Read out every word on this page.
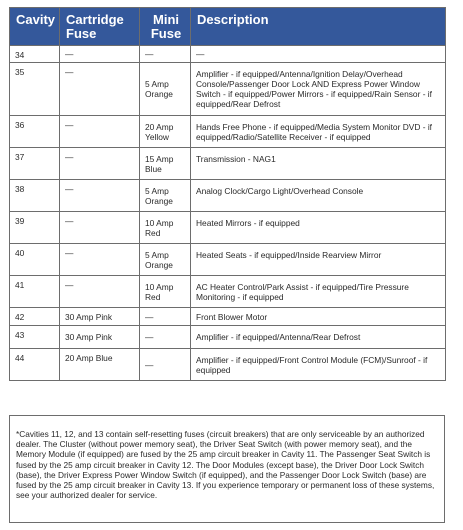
Cavity	Cartridge Fuse	Mini Fuse	Description
34	—	—	—
35	—	5 Amp Orange	Amplifier - if equipped/Antenna/Ignition Delay/Overhead Console/Passenger Door Lock AND Express Power Window Switch - if equipped/Power Mirrors - if equipped/Rain Sensor - if equipped/Rear Defrost
36	—	20 Amp Yellow	Hands Free Phone - if equipped/Media System Monitor DVD - if equipped/Radio/Satellite Receiver - if equipped
37	—	15 Amp Blue	Transmission - NAG1
38	—	5 Amp Orange	Analog Clock/Cargo Light/Overhead Console
39	—	10 Amp Red	Heated Mirrors - if equipped
40	—	5 Amp Orange	Heated Seats - if equipped/Inside Rearview Mirror
41	—	10 Amp Red	AC Heater Control/Park Assist - if equipped/Tire Pressure Monitoring - if equipped
42	30 Amp Pink	—	Front Blower Motor
43	30 Amp Pink	—	Amplifier - if equipped/Antenna/Rear Defrost
44	20 Amp Blue	—	Amplifier - if equipped/Front Control Module (FCM)/Sunroof - if equipped
*Cavities 11, 12, and 13 contain self-resetting fuses (circuit breakers) that are only serviceable by an authorized dealer. The Cluster (without power memory seat), the Driver Seat Switch (with power memory seat), and the Memory Module (if equipped) are fused by the 25 amp circuit breaker in Cavity 11. The Passenger Seat Switch is fused by the 25 amp circuit breaker in Cavity 12. The Door Modules (except base), the Driver Door Lock Switch (base), the Driver Express Power Window Switch (if equipped), and the Passenger Door Lock Switch (base) are fused by the 25 amp circuit breaker in Cavity 13. If you experience temporary or permanent loss of these systems, see your authorized dealer for service.
